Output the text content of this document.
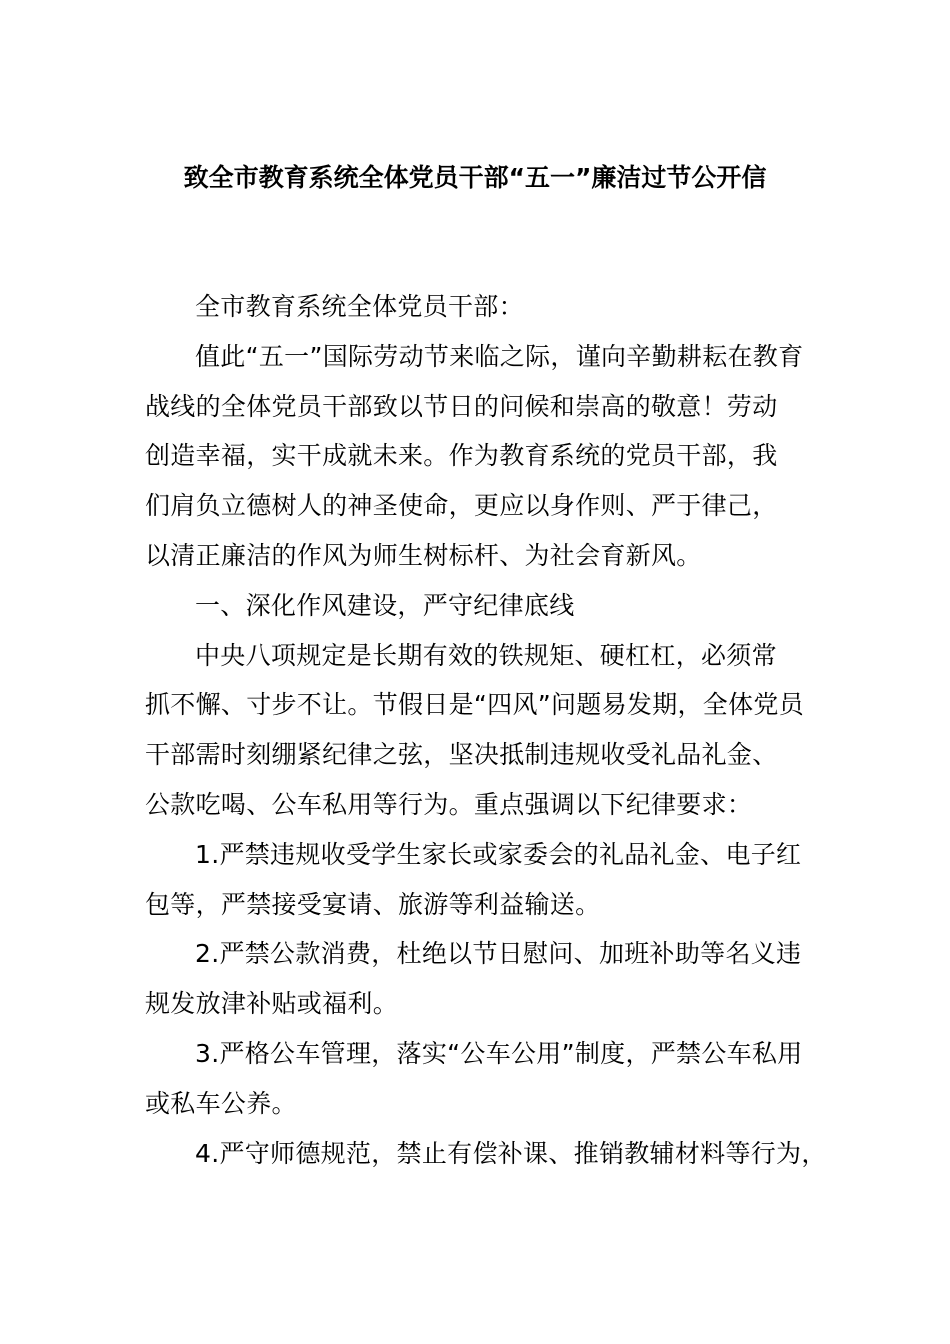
致全市教育系统全体党员干部“五一”廉洁过节公开信
全市教育系统全体党员干部：
值此“五一”国际劳动节来临之际，谨向辛勤耕耘在教育
战线的全体党员干部致以节日的问候和崇高的敬意！劳动
创造幸福，实干成就未来。作为教育系统的党员干部，我
们肩负立德树人的神圣使命，更应以身作则、严于律己，
以清正廉洁的作风为师生树标杆、为社会育新风。
一、深化作风建设，严守纪律底线
中央八项规定是长期有效的铁规矩、硬杠杠，必须常
抓不懈、寸步不让。节假日是“四风”问题易发期，全体党员
干部需时刻绷紧纪律之弦，坚决抵制违规收受礼品礼金、
公款吃喝、公车私用等行为。重点强调以下纪律要求：
1.严禁违规收受学生家长或家委会的礼品礼金、电子红
包等，严禁接受宴请、旅游等利益输送。
2.严禁公款消费，杜绝以节日慰问、加班补助等名义违
规发放津补贴或福利。
3.严格公车管理，落实“公车公用”制度，严禁公车私用
或私车公养。
4.严守师德规范，禁止有偿补课、推销教辅材料等行为，
